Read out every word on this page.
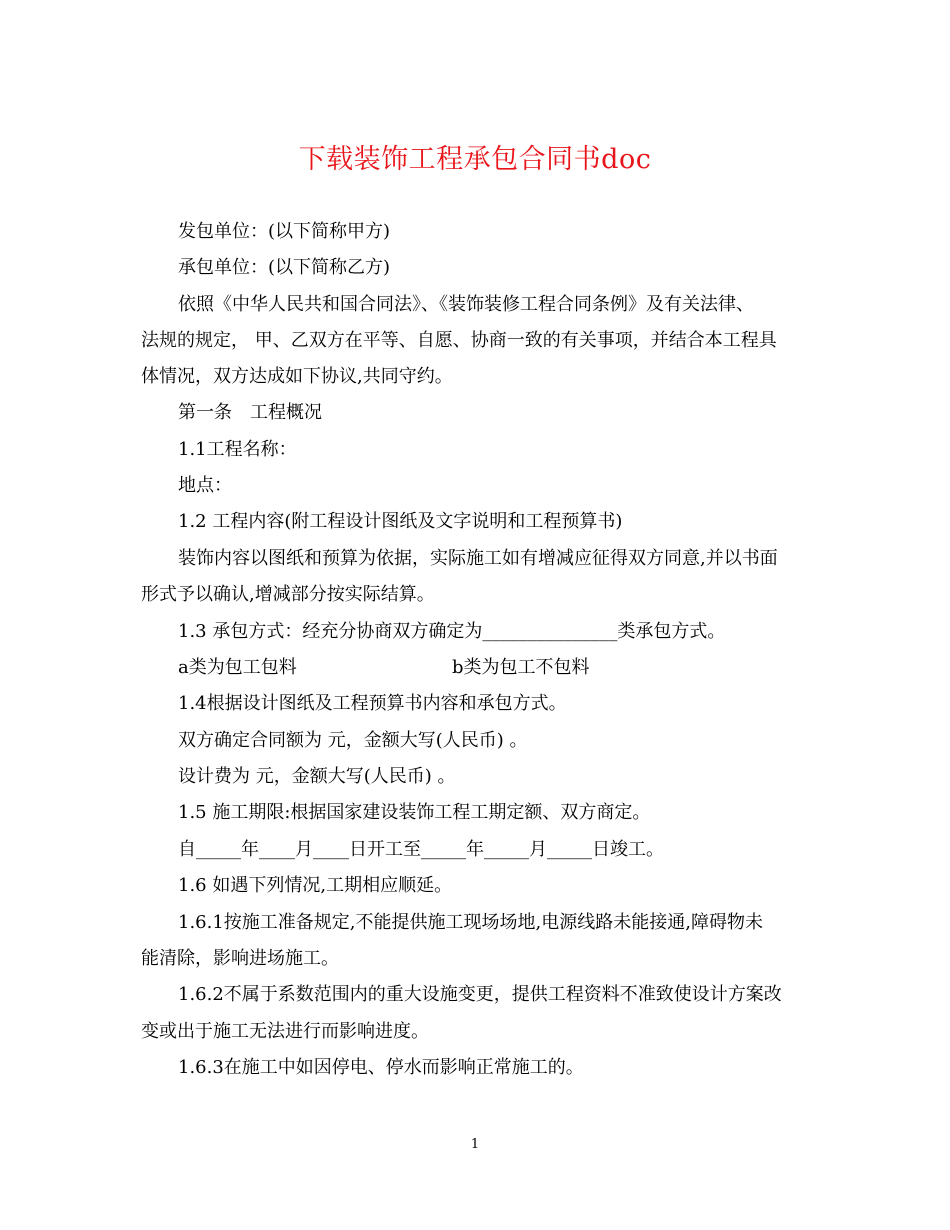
下载装饰工程承包合同书doc
发包单位：(以下简称甲方)
承包单位：(以下简称乙方)
依照《中华人民共和国合同法》、《装饰装修工程合同条例》及有关法律、
法规的规定， 甲、乙双方在平等、自愿、协商一致的有关事项，并结合本工程具
体情况，双方达成如下协议,共同守约。
第一条　工程概况
1.1工程名称：
地点：
1.2 工程内容(附工程设计图纸及文字说明和工程预算书)
装饰内容以图纸和预算为依据，实际施工如有增减应征得双方同意,并以书面
形式予以确认,增减部分按实际结算。
1.3 承包方式：经充分协商双方确定为_______________类承包方式。
a类为包工包料	b类为包工不包料
1.4根据设计图纸及工程预算书内容和承包方式。
双方确定合同额为 元，金额大写(人民币) 。
设计费为 元，金额大写(人民币) 。
1.5 施工期限:根据国家建设装饰工程工期定额、双方商定。
自_____年____月____日开工至_____年_____月_____日竣工。
1.6 如遇下列情况,工期相应顺延。
1.6.1按施工准备规定,不能提供施工现场场地,电源线路未能接通,障碍物未
能清除，影响进场施工。
1.6.2不属于系数范围内的重大设施变更，提供工程资料不准致使设计方案改
变或出于施工无法进行而影响进度。
1.6.3在施工中如因停电、停水而影响正常施工的。
1
